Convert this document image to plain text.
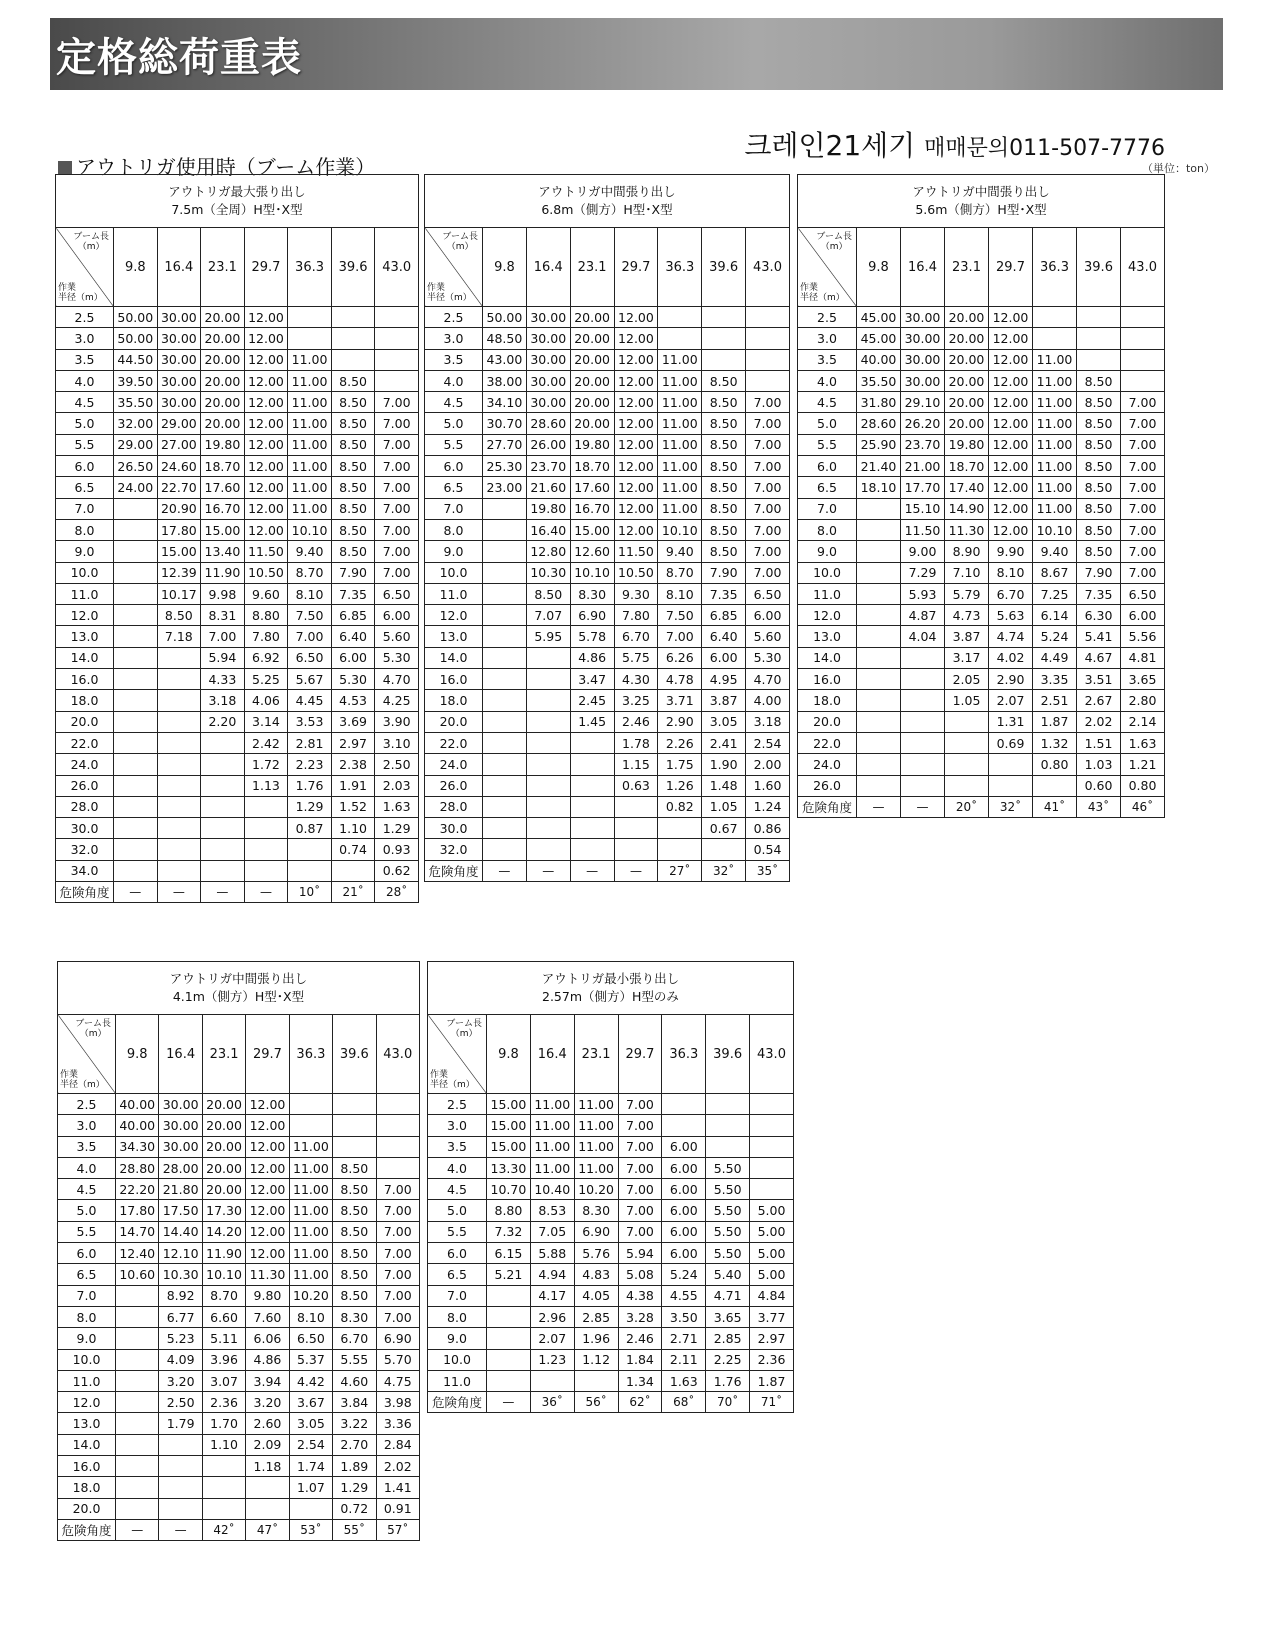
定格総荷重表
크레인21세기 매매문의011-507-7776
アウトリガ使用時（ブーム作業）	（単位：ton）
アウトリガ最大張り出し
7.5m（全周）H型･X型							

ブーム長
（m）
作業
半径（m）	9.8	16.4	23.1	29.7	36.3	39.6	43.0
2.5	50.00	30.00	20.00	12.00			
3.0	50.00	30.00	20.00	12.00			
3.5	44.50	30.00	20.00	12.00	11.00		
4.0	39.50	30.00	20.00	12.00	11.00	8.50	
4.5	35.50	30.00	20.00	12.00	11.00	8.50	7.00
5.0	32.00	29.00	20.00	12.00	11.00	8.50	7.00
5.5	29.00	27.00	19.80	12.00	11.00	8.50	7.00
6.0	26.50	24.60	18.70	12.00	11.00	8.50	7.00
6.5	24.00	22.70	17.60	12.00	11.00	8.50	7.00
7.0		20.90	16.70	12.00	11.00	8.50	7.00
8.0		17.80	15.00	12.00	10.10	8.50	7.00
9.0		15.00	13.40	11.50	9.40	8.50	7.00
10.0		12.39	11.90	10.50	8.70	7.90	7.00
11.0		10.17	9.98	9.60	8.10	7.35	6.50
12.0		8.50	8.31	8.80	7.50	6.85	6.00
13.0		7.18	7.00	7.80	7.00	6.40	5.60
14.0			5.94	6.92	6.50	6.00	5.30
16.0			4.33	5.25	5.67	5.30	4.70
18.0			3.18	4.06	4.45	4.53	4.25
20.0			2.20	3.14	3.53	3.69	3.90
22.0				2.42	2.81	2.97	3.10
24.0				1.72	2.23	2.38	2.50
26.0				1.13	1.76	1.91	2.03
28.0					1.29	1.52	1.63
30.0					0.87	1.10	1.29
32.0						0.74	0.93
34.0							0.62
危険角度	—	—	—	—	10˚	21˚	28˚
アウトリガ中間張り出し
6.8m（側方）H型･X型							

ブーム長
（m）
作業
半径（m）	9.8	16.4	23.1	29.7	36.3	39.6	43.0
2.5	50.00	30.00	20.00	12.00			
3.0	48.50	30.00	20.00	12.00			
3.5	43.00	30.00	20.00	12.00	11.00		
4.0	38.00	30.00	20.00	12.00	11.00	8.50	
4.5	34.10	30.00	20.00	12.00	11.00	8.50	7.00
5.0	30.70	28.60	20.00	12.00	11.00	8.50	7.00
5.5	27.70	26.00	19.80	12.00	11.00	8.50	7.00
6.0	25.30	23.70	18.70	12.00	11.00	8.50	7.00
6.5	23.00	21.60	17.60	12.00	11.00	8.50	7.00
7.0		19.80	16.70	12.00	11.00	8.50	7.00
8.0		16.40	15.00	12.00	10.10	8.50	7.00
9.0		12.80	12.60	11.50	9.40	8.50	7.00
10.0		10.30	10.10	10.50	8.70	7.90	7.00
11.0		8.50	8.30	9.30	8.10	7.35	6.50
12.0		7.07	6.90	7.80	7.50	6.85	6.00
13.0		5.95	5.78	6.70	7.00	6.40	5.60
14.0			4.86	5.75	6.26	6.00	5.30
16.0			3.47	4.30	4.78	4.95	4.70
18.0			2.45	3.25	3.71	3.87	4.00
20.0			1.45	2.46	2.90	3.05	3.18
22.0				1.78	2.26	2.41	2.54
24.0				1.15	1.75	1.90	2.00
26.0				0.63	1.26	1.48	1.60
28.0					0.82	1.05	1.24
30.0						0.67	0.86
32.0							0.54
危険角度	—	—	—	—	27˚	32˚	35˚
アウトリガ中間張り出し
5.6m（側方）H型･X型							

ブーム長
（m）
作業
半径（m）	9.8	16.4	23.1	29.7	36.3	39.6	43.0
2.5	45.00	30.00	20.00	12.00			
3.0	45.00	30.00	20.00	12.00			
3.5	40.00	30.00	20.00	12.00	11.00		
4.0	35.50	30.00	20.00	12.00	11.00	8.50	
4.5	31.80	29.10	20.00	12.00	11.00	8.50	7.00
5.0	28.60	26.20	20.00	12.00	11.00	8.50	7.00
5.5	25.90	23.70	19.80	12.00	11.00	8.50	7.00
6.0	21.40	21.00	18.70	12.00	11.00	8.50	7.00
6.5	18.10	17.70	17.40	12.00	11.00	8.50	7.00
7.0		15.10	14.90	12.00	11.00	8.50	7.00
8.0		11.50	11.30	12.00	10.10	8.50	7.00
9.0		9.00	8.90	9.90	9.40	8.50	7.00
10.0		7.29	7.10	8.10	8.67	7.90	7.00
11.0		5.93	5.79	6.70	7.25	7.35	6.50
12.0		4.87	4.73	5.63	6.14	6.30	6.00
13.0		4.04	3.87	4.74	5.24	5.41	5.56
14.0			3.17	4.02	4.49	4.67	4.81
16.0			2.05	2.90	3.35	3.51	3.65
18.0			1.05	2.07	2.51	2.67	2.80
20.0				1.31	1.87	2.02	2.14
22.0				0.69	1.32	1.51	1.63
24.0					0.80	1.03	1.21
26.0						0.60	0.80
危険角度	—	—	20˚	32˚	41˚	43˚	46˚
アウトリガ中間張り出し
4.1m（側方）H型･X型							

ブーム長
（m）
作業
半径（m）	9.8	16.4	23.1	29.7	36.3	39.6	43.0
2.5	40.00	30.00	20.00	12.00			
3.0	40.00	30.00	20.00	12.00			
3.5	34.30	30.00	20.00	12.00	11.00		
4.0	28.80	28.00	20.00	12.00	11.00	8.50	
4.5	22.20	21.80	20.00	12.00	11.00	8.50	7.00
5.0	17.80	17.50	17.30	12.00	11.00	8.50	7.00
5.5	14.70	14.40	14.20	12.00	11.00	8.50	7.00
6.0	12.40	12.10	11.90	12.00	11.00	8.50	7.00
6.5	10.60	10.30	10.10	11.30	11.00	8.50	7.00
7.0		8.92	8.70	9.80	10.20	8.50	7.00
8.0		6.77	6.60	7.60	8.10	8.30	7.00
9.0		5.23	5.11	6.06	6.50	6.70	6.90
10.0		4.09	3.96	4.86	5.37	5.55	5.70
11.0		3.20	3.07	3.94	4.42	4.60	4.75
12.0		2.50	2.36	3.20	3.67	3.84	3.98
13.0		1.79	1.70	2.60	3.05	3.22	3.36
14.0			1.10	2.09	2.54	2.70	2.84
16.0				1.18	1.74	1.89	2.02
18.0					1.07	1.29	1.41
20.0						0.72	0.91
危険角度	—	—	42˚	47˚	53˚	55˚	57˚
アウトリガ最小張り出し
2.57m（側方）H型のみ							

ブーム長
（m）
作業
半径（m）	9.8	16.4	23.1	29.7	36.3	39.6	43.0
2.5	15.00	11.00	11.00	7.00			
3.0	15.00	11.00	11.00	7.00			
3.5	15.00	11.00	11.00	7.00	6.00		
4.0	13.30	11.00	11.00	7.00	6.00	5.50	
4.5	10.70	10.40	10.20	7.00	6.00	5.50	
5.0	8.80	8.53	8.30	7.00	6.00	5.50	5.00
5.5	7.32	7.05	6.90	7.00	6.00	5.50	5.00
6.0	6.15	5.88	5.76	5.94	6.00	5.50	5.00
6.5	5.21	4.94	4.83	5.08	5.24	5.40	5.00
7.0		4.17	4.05	4.38	4.55	4.71	4.84
8.0		2.96	2.85	3.28	3.50	3.65	3.77
9.0		2.07	1.96	2.46	2.71	2.85	2.97
10.0		1.23	1.12	1.84	2.11	2.25	2.36
11.0				1.34	1.63	1.76	1.87
危険角度	—	36˚	56˚	62˚	68˚	70˚	71˚
